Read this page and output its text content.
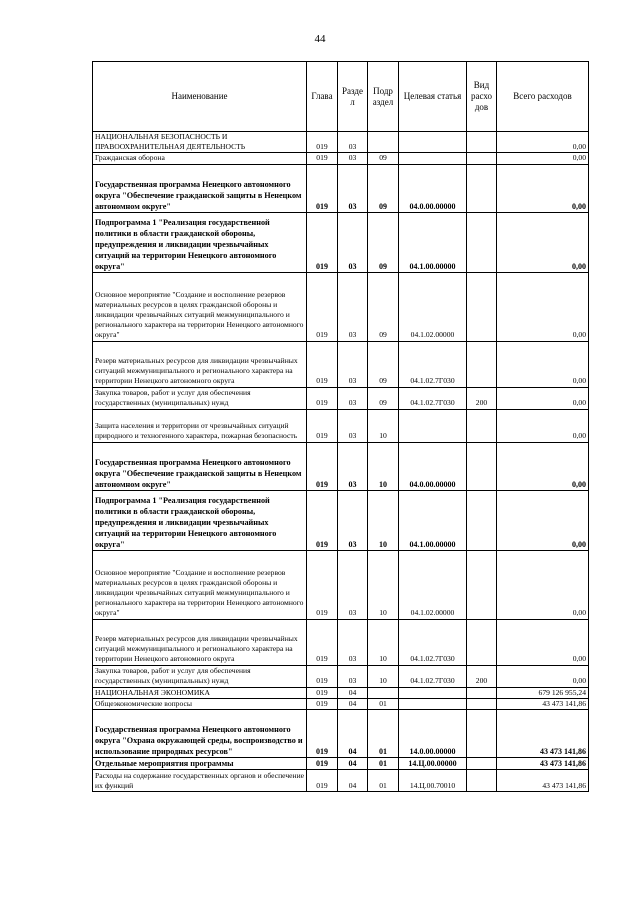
44
Наименование	Глава	Разде л	Подр аздел	Целевая статья	Вид расхо дов	Всего расходов
НАЦИОНАЛЬНАЯ БЕЗОПАСНОСТЬ И ПРАВООХРАНИТЕЛЬНАЯ ДЕЯТЕЛЬНОСТЬ	019	03				0,00
Гражданская оборона	019	03	09			0,00
Государственная программа Ненецкого автономного округа "Обеспечение гражданской защиты в Ненецком автономном округе"	019	03	09	04.0.00.00000		0,00
Подпрограмма 1 "Реализация государственной политики в области гражданской обороны, предупреждения и ликвидации чрезвычайных ситуаций на территории Ненецкого автономного округа"	019	03	09	04.1.00.00000		0,00
Основное мероприятие "Создание и восполнение резервов материальных ресурсов в целях гражданской обороны и ликвидации чрезвычайных ситуаций межмуниципального и регионального характера на территории Ненецкого автономного округа"	019	03	09	04.1.02.00000		0,00
Резерв материальных ресурсов для ликвидации чрезвычайных ситуаций межмуниципального и регионального характера на территории Ненецкого автономного округа	019	03	09	04.1.02.7Г030		0,00
Закупка товаров, работ и услуг для обеспечения государственных (муниципальных) нужд	019	03	09	04.1.02.7Г030	200	0,00
Защита населения и территории от чрезвычайных ситуаций природного и техногенного характера, пожарная безопасность	019	03	10			0,00
Государственная программа Ненецкого автономного округа "Обеспечение гражданской защиты в Ненецком автономном округе"	019	03	10	04.0.00.00000		0,00
Подпрограмма 1 "Реализация государственной политики в области гражданской обороны, предупреждения и ликвидации чрезвычайных ситуаций на территории Ненецкого автономного округа"	019	03	10	04.1.00.00000		0,00
Основное мероприятие "Создание и восполнение резервов материальных ресурсов в целях гражданской обороны и ликвидации чрезвычайных ситуаций межмуниципального и регионального характера на территории Ненецкого автономного округа"	019	03	10	04.1.02.00000		0,00
Резерв материальных ресурсов для ликвидации чрезвычайных ситуаций межмуниципального и регионального характера на территории Ненецкого автономного округа	019	03	10	04.1.02.7Г030		0,00
Закупка товаров, работ и услуг для обеспечения государственных (муниципальных) нужд	019	03	10	04.1.02.7Г030	200	0,00
НАЦИОНАЛЬНАЯ ЭКОНОМИКА	019	04				679 126 955,24
Общеэкономические вопросы	019	04	01			43 473 141,86
Государственная программа Ненецкого автономного округа "Охрана окружающей среды, воспроизводство и использование природных ресурсов"	019	04	01	14.0.00.00000		43 473 141,86
Отдельные мероприятия программы	019	04	01	14.Ц.00.00000		43 473 141,86
Расходы на содержание государственных органов и обеспечение их функций	019	04	01	14.Ц.00.70010		43 473 141,86
